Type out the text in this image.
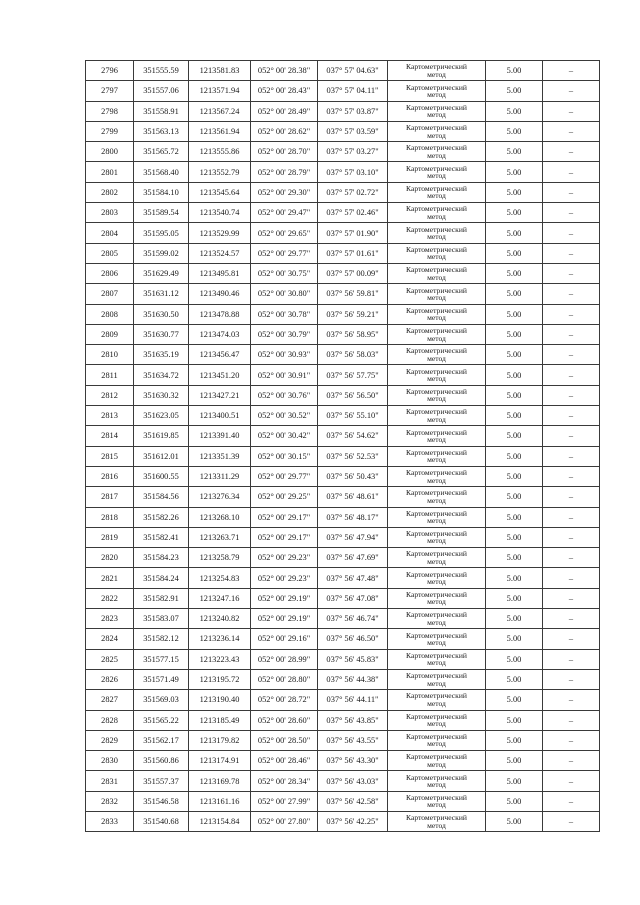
2796	351555.59	1213581.83	052° 00' 28.38"	037° 57' 04.63"	Картометрический
метод	5.00	–
2797	351557.06	1213571.94	052° 00' 28.43"	037° 57' 04.11"	Картометрический
метод	5.00	–
2798	351558.91	1213567.24	052° 00' 28.49"	037° 57' 03.87"	Картометрический
метод	5.00	–
2799	351563.13	1213561.94	052° 00' 28.62"	037° 57' 03.59"	Картометрический
метод	5.00	–
2800	351565.72	1213555.86	052° 00' 28.70"	037° 57' 03.27"	Картометрический
метод	5.00	–
2801	351568.40	1213552.79	052° 00' 28.79"	037° 57' 03.10"	Картометрический
метод	5.00	–
2802	351584.10	1213545.64	052° 00' 29.30"	037° 57' 02.72"	Картометрический
метод	5.00	–
2803	351589.54	1213540.74	052° 00' 29.47"	037° 57' 02.46"	Картометрический
метод	5.00	–
2804	351595.05	1213529.99	052° 00' 29.65"	037° 57' 01.90"	Картометрический
метод	5.00	–
2805	351599.02	1213524.57	052° 00' 29.77"	037° 57' 01.61"	Картометрический
метод	5.00	–
2806	351629.49	1213495.81	052° 00' 30.75"	037° 57' 00.09"	Картометрический
метод	5.00	–
2807	351631.12	1213490.46	052° 00' 30.80"	037° 56' 59.81"	Картометрический
метод	5.00	–
2808	351630.50	1213478.88	052° 00' 30.78"	037° 56' 59.21"	Картометрический
метод	5.00	–
2809	351630.77	1213474.03	052° 00' 30.79"	037° 56' 58.95"	Картометрический
метод	5.00	–
2810	351635.19	1213456.47	052° 00' 30.93"	037° 56' 58.03"	Картометрический
метод	5.00	–
2811	351634.72	1213451.20	052° 00' 30.91"	037° 56' 57.75"	Картометрический
метод	5.00	–
2812	351630.32	1213427.21	052° 00' 30.76"	037° 56' 56.50"	Картометрический
метод	5.00	–
2813	351623.05	1213400.51	052° 00' 30.52"	037° 56' 55.10"	Картометрический
метод	5.00	–
2814	351619.85	1213391.40	052° 00' 30.42"	037° 56' 54.62"	Картометрический
метод	5.00	–
2815	351612.01	1213351.39	052° 00' 30.15"	037° 56' 52.53"	Картометрический
метод	5.00	–
2816	351600.55	1213311.29	052° 00' 29.77"	037° 56' 50.43"	Картометрический
метод	5.00	–
2817	351584.56	1213276.34	052° 00' 29.25"	037° 56' 48.61"	Картометрический
метод	5.00	–
2818	351582.26	1213268.10	052° 00' 29.17"	037° 56' 48.17"	Картометрический
метод	5.00	–
2819	351582.41	1213263.71	052° 00' 29.17"	037° 56' 47.94"	Картометрический
метод	5.00	–
2820	351584.23	1213258.79	052° 00' 29.23"	037° 56' 47.69"	Картометрический
метод	5.00	–
2821	351584.24	1213254.83	052° 00' 29.23"	037° 56' 47.48"	Картометрический
метод	5.00	–
2822	351582.91	1213247.16	052° 00' 29.19"	037° 56' 47.08"	Картометрический
метод	5.00	–
2823	351583.07	1213240.82	052° 00' 29.19"	037° 56' 46.74"	Картометрический
метод	5.00	–
2824	351582.12	1213236.14	052° 00' 29.16"	037° 56' 46.50"	Картометрический
метод	5.00	–
2825	351577.15	1213223.43	052° 00' 28.99"	037° 56' 45.83"	Картометрический
метод	5.00	–
2826	351571.49	1213195.72	052° 00' 28.80"	037° 56' 44.38"	Картометрический
метод	5.00	–
2827	351569.03	1213190.40	052° 00' 28.72"	037° 56' 44.11"	Картометрический
метод	5.00	–
2828	351565.22	1213185.49	052° 00' 28.60"	037° 56' 43.85"	Картометрический
метод	5.00	–
2829	351562.17	1213179.82	052° 00' 28.50"	037° 56' 43.55"	Картометрический
метод	5.00	–
2830	351560.86	1213174.91	052° 00' 28.46"	037° 56' 43.30"	Картометрический
метод	5.00	–
2831	351557.37	1213169.78	052° 00' 28.34"	037° 56' 43.03"	Картометрический
метод	5.00	–
2832	351546.58	1213161.16	052° 00' 27.99"	037° 56' 42.58"	Картометрический
метод	5.00	–
2833	351540.68	1213154.84	052° 00' 27.80"	037° 56' 42.25"	Картометрический
метод	5.00	–
